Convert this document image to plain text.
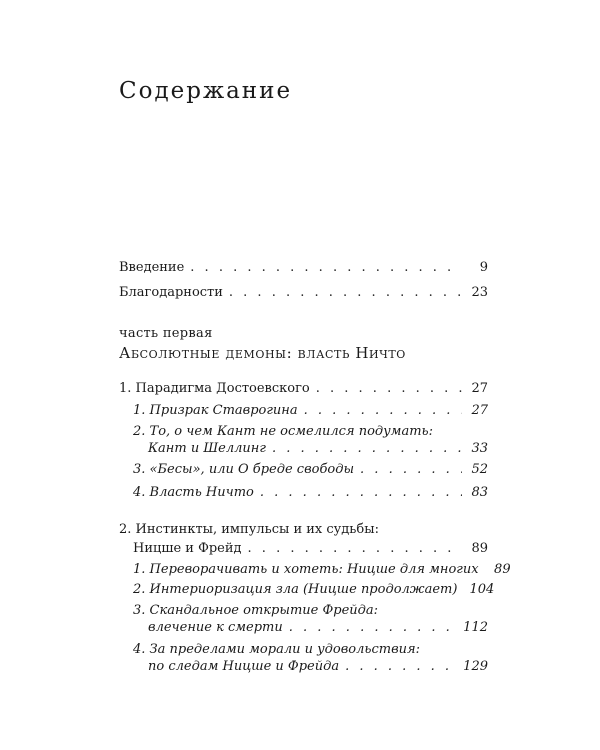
Содержание
Введение . . .	9
Благодарности . . .	23
часть первая
Абсолютные демоны: власть Ничто
1. Парадигма Достоевского . . .	27
1. Призрак Ставрогина . . .	27
2. То, о чем Кант не осмелился подумать:
Кант и Шеллинг . . .	33
3. «Бесы», или О бреде свободы . . .	52
4. Власть Ничто . . .	83
2. Инстинкты, импульсы и их судьбы:
Ницше и Фрейд . . .	89
1. Переворачивать и хотеть: Ницше для многих 89
2. Интериоризация зла (Ницше продолжает) 104
3. Скандальное открытие Фрейда:
влечение к смерти . . .	112
4. За пределами морали и удовольствия:
по следам Ницше и Фрейда . . .	129
